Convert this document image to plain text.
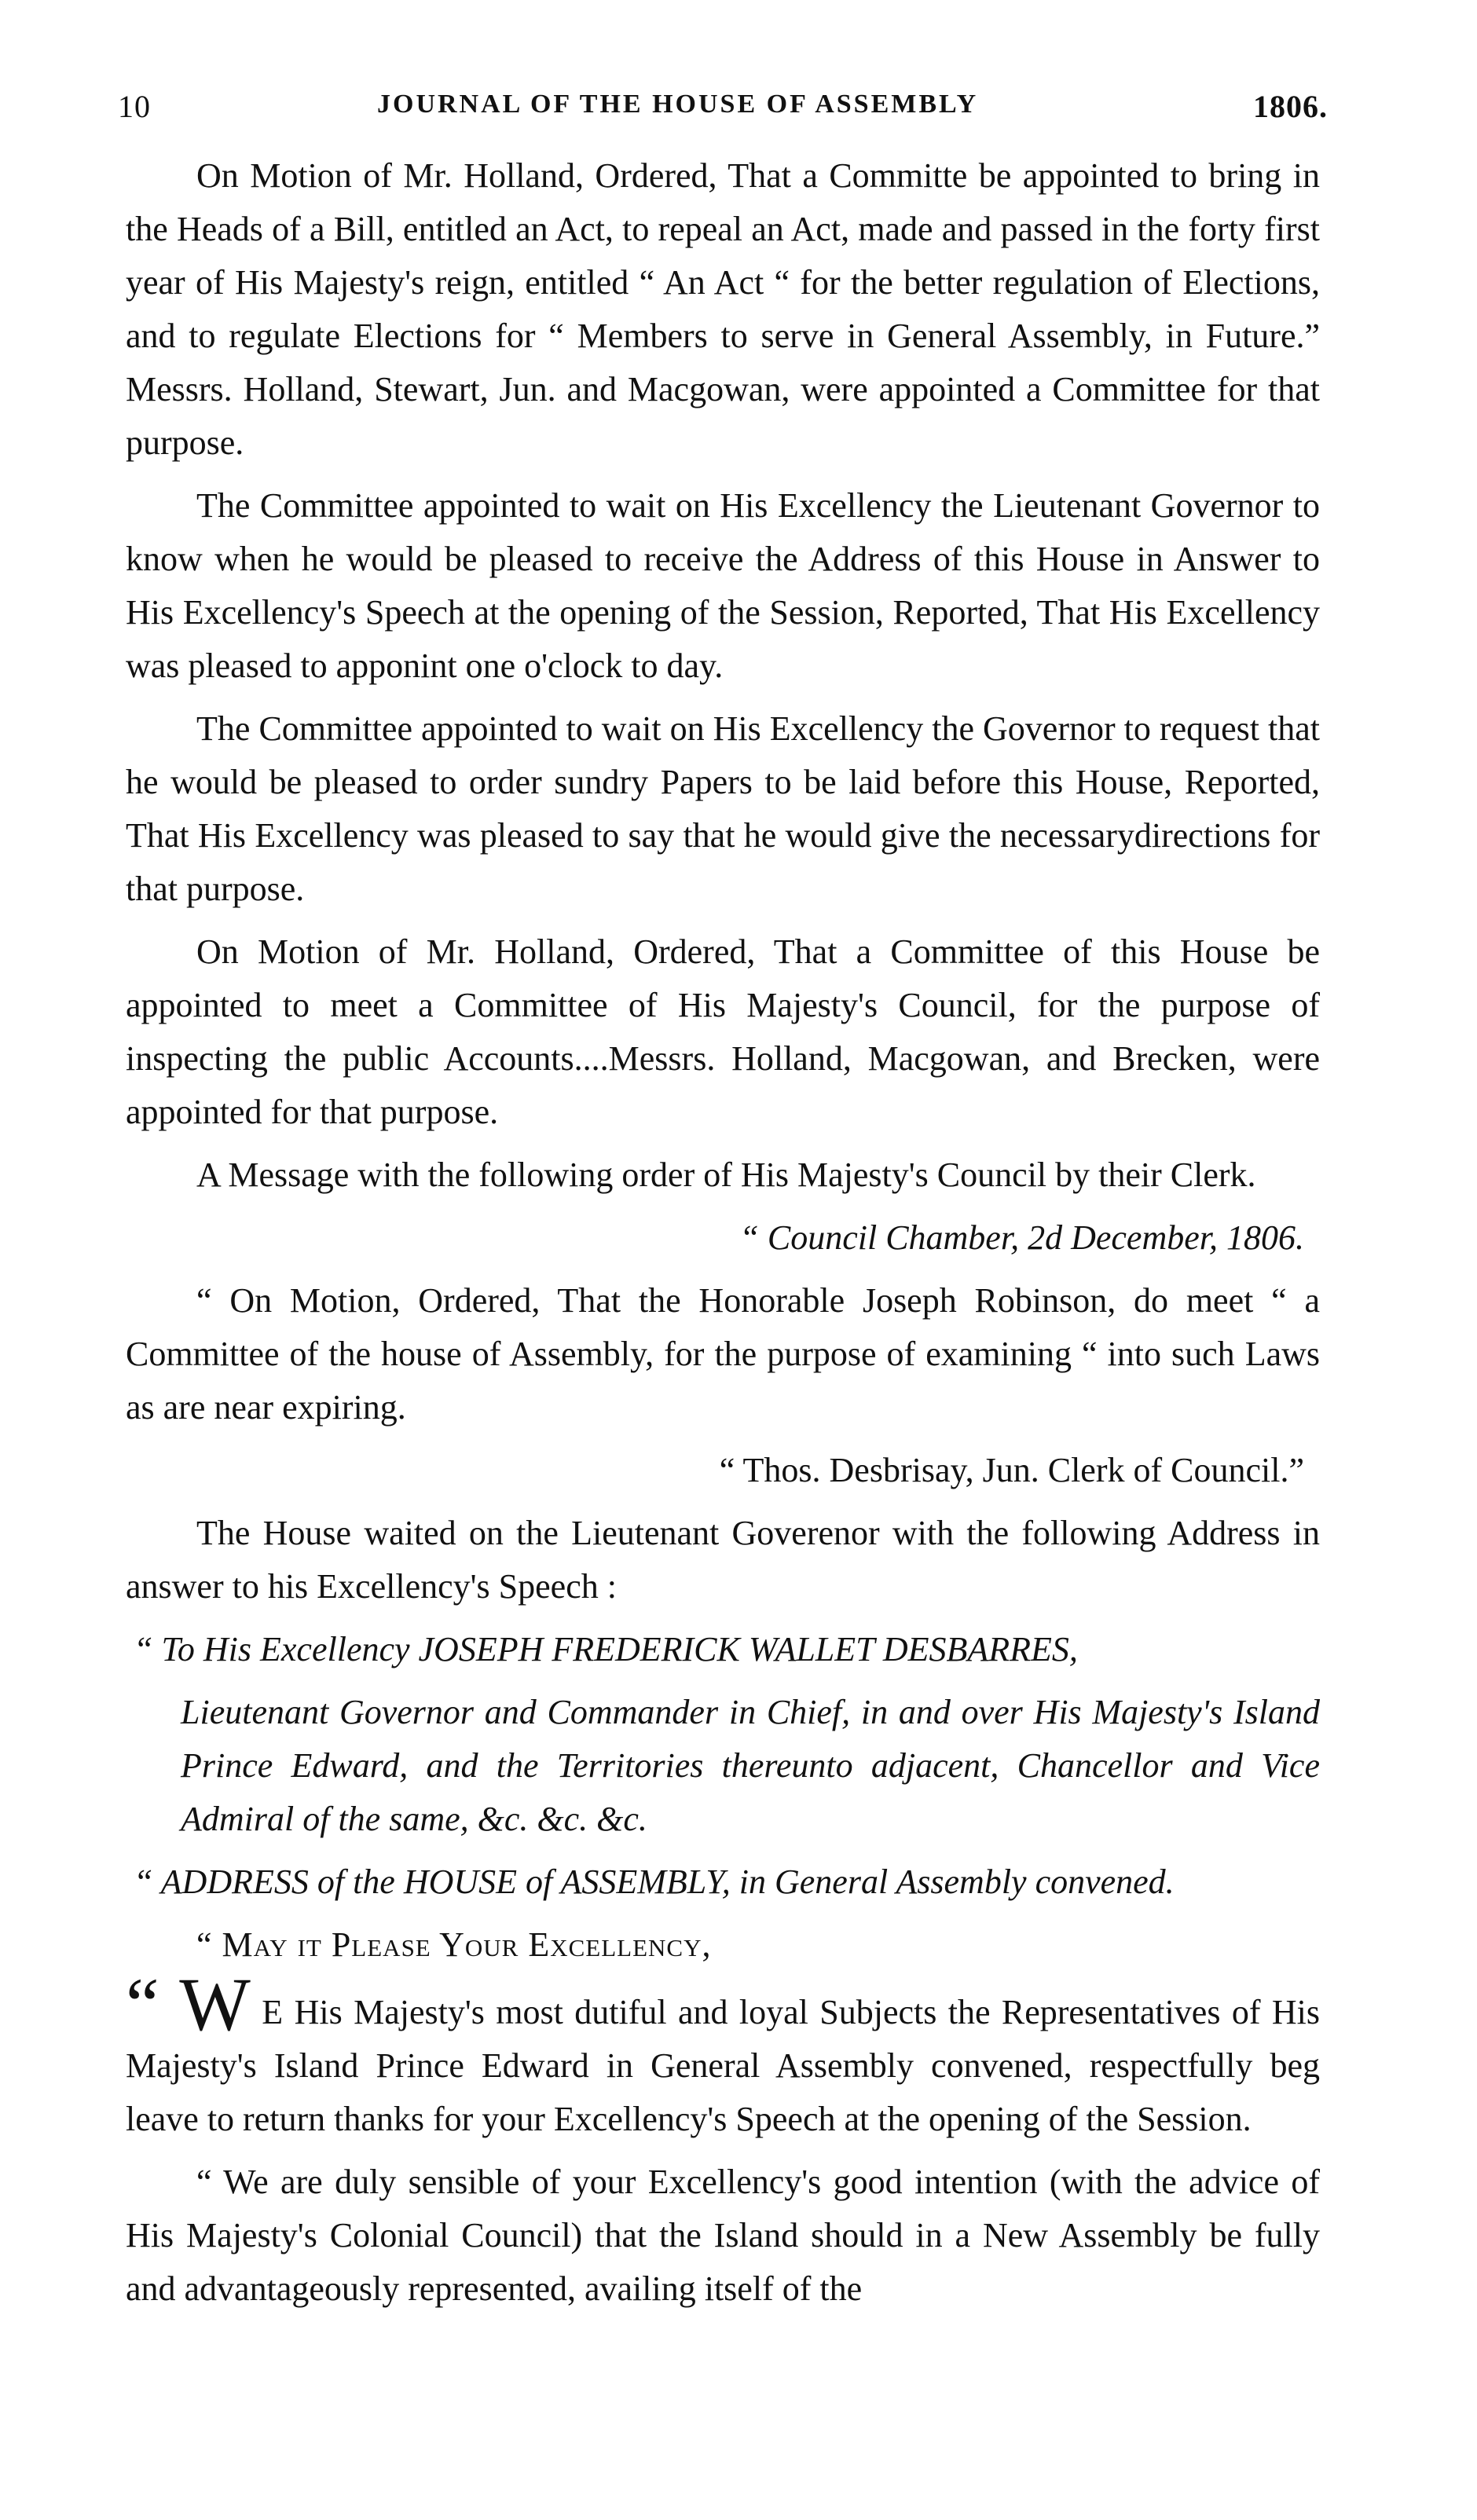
10	JOURNAL OF THE HOUSE OF ASSEMBLY	1806.

On Motion of Mr. Holland, Ordered, That a Committe be appointed to bring in the Heads of a Bill, entitled an Act, to repeal an Act, made and passed in the forty first year of His Majesty's reign, entitled “ An Act “ for the better regulation of Elections, and to regulate Elections for “ Members to serve in General Assembly, in Future.” Messrs. Holland, Stewart, Jun. and Macgowan, were appointed a Committee for that purpose.

The Committee appointed to wait on His Excellency the Lieutenant Governor to know when he would be pleased to receive the Address of this House in Answer to His Excellency's Speech at the opening of the Session, Reported, That His Excellency was pleased to apponint one o'clock to day.

The Committee appointed to wait on His Excellency the Governor to request that he would be pleased to order sundry Papers to be laid before this House, Reported, That His Excellency was pleased to say that he would give the necessarydirections for that purpose.

On Motion of Mr. Holland, Ordered, That a Committee of this House be appointed to meet a Committee of His Majesty's Council, for the purpose of inspecting the public Accounts....Messrs. Holland, Macgowan, and Brecken, were appointed for that purpose.

A Message with the following order of His Majesty's Council by their Clerk.

“ Council Chamber, 2d December, 1806.

“ On Motion, Ordered, That the Honorable Joseph Robinson, do meet “ a Committee of the house of Assembly, for the purpose of examining “ into such Laws as are near expiring.

“ Thos. Desbrisay, Jun. Clerk of Council.”

The House waited on the Lieutenant Goverenor with the following Address in answer to his Excellency's Speech :

“ To His Excellency JOSEPH FREDERICK WALLET DESBARRES,

Lieutenant Governor and Commander in Chief, in and over His Majesty's Island Prince Edward, and the Territories thereunto adjacent, Chancellor and Vice Admiral of the same, &c. &c. &c.

“ ADDRESS of the HOUSE of ASSEMBLY, in General Assembly convened.

“ May it Please Your Excellency,

“ W E His Majesty's most dutiful and loyal Subjects the Representatives of His Majesty's Island Prince Edward in General Assembly convened, respectfully beg leave to return thanks for your Excellency's Speech at the opening of the Session.

“ We are duly sensible of your Excellency's good intention (with the advice of His Majesty's Colonial Council) that the Island should in a New Assembly be fully and advantageously represented, availing itself of the
